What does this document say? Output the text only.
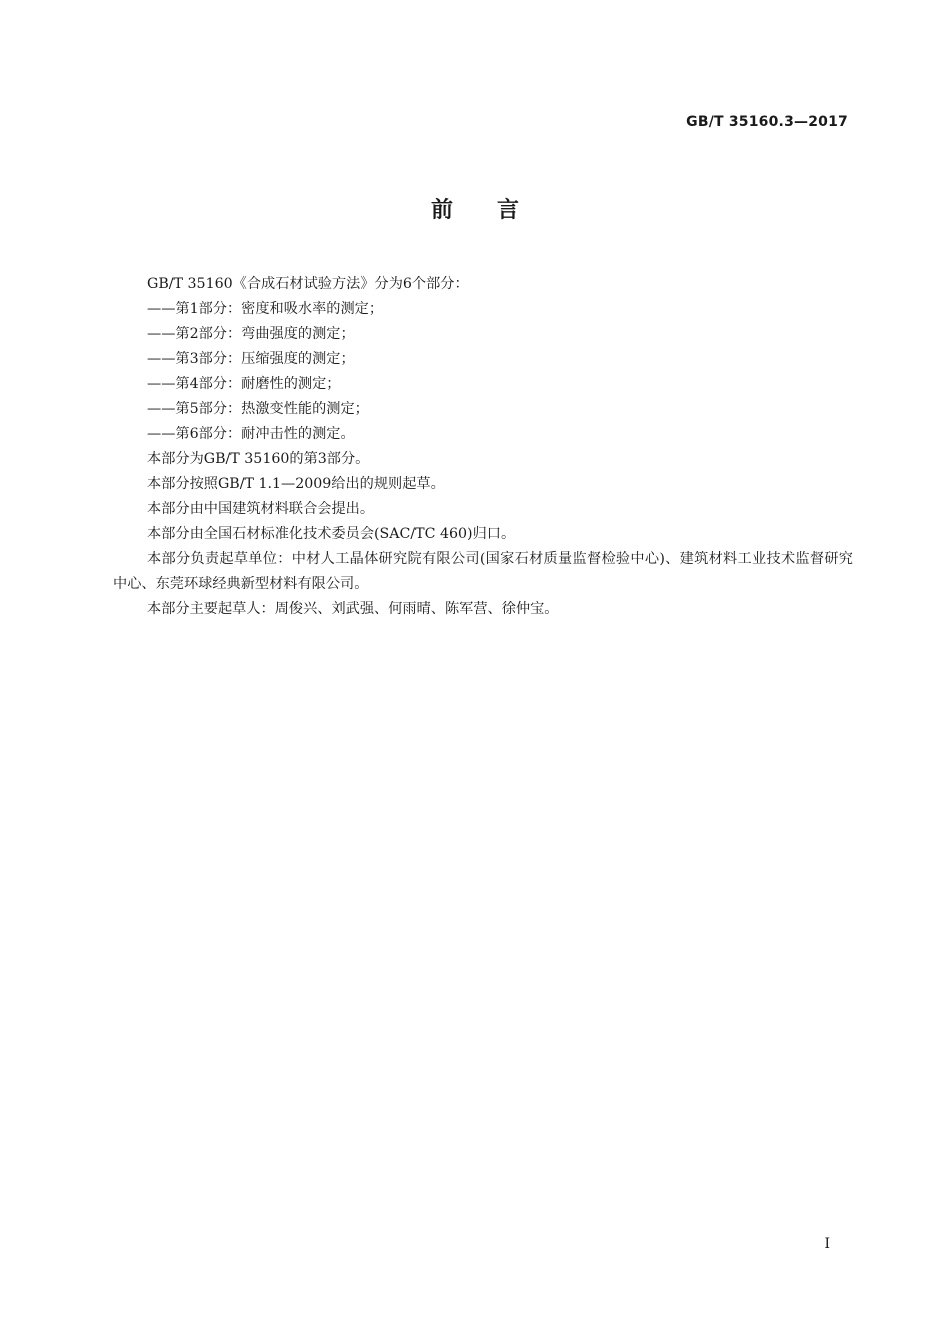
GB/T 35160.3—2017
前　　言

GB/T 35160《合成石材试验方法》分为6个部分：

——第1部分：密度和吸水率的测定；

——第2部分：弯曲强度的测定；

——第3部分：压缩强度的测定；

——第4部分：耐磨性的测定；

——第5部分：热激变性能的测定；

——第6部分：耐冲击性的测定。

本部分为GB/T 35160的第3部分。

本部分按照GB/T 1.1—2009给出的规则起草。

本部分由中国建筑材料联合会提出。

本部分由全国石材标准化技术委员会(SAC/TC 460)归口。

本部分负责起草单位：中材人工晶体研究院有限公司(国家石材质量监督检验中心)、建筑材料工业技术监督研究中心、东莞环球经典新型材料有限公司。

本部分主要起草人：周俊兴、刘武强、何雨晴、陈军营、徐仲宝。

I
